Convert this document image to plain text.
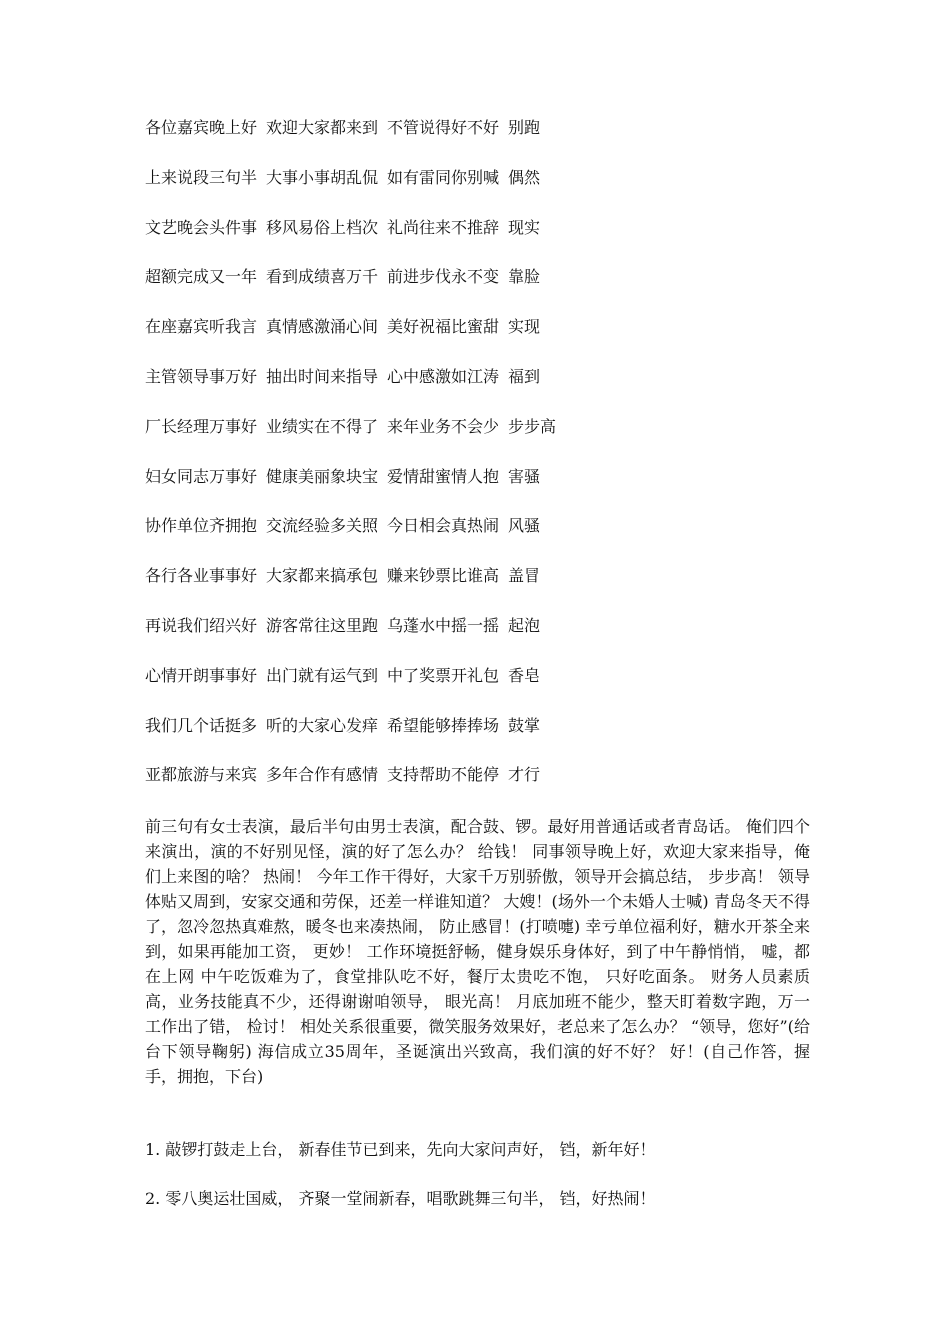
各位嘉宾晚上好 欢迎大家都来到 不管说得好不好 别跑
上来说段三句半 大事小事胡乱侃 如有雷同你别喊 偶然
文艺晚会头件事 移风易俗上档次 礼尚往来不推辞 现实
超额完成又一年 看到成绩喜万千 前进步伐永不变 靠脸
在座嘉宾听我言 真情感激涌心间 美好祝福比蜜甜 实现
主管领导事万好 抽出时间来指导 心中感激如江涛 福到
厂长经理万事好 业绩实在不得了 来年业务不会少 步步高
妇女同志万事好 健康美丽象块宝 爱情甜蜜情人抱 害骚
协作单位齐拥抱 交流经验多关照 今日相会真热闹 风骚
各行各业事事好 大家都来搞承包 赚来钞票比谁高 盖冒
再说我们绍兴好 游客常往这里跑 乌蓬水中摇一摇 起泡
心情开朗事事好 出门就有运气到 中了奖票开礼包 香皂
我们几个话挺多 听的大家心发痒 希望能够捧捧场 鼓掌
亚都旅游与来宾 多年合作有感情 支持帮助不能停 才行
前三句有女士表演，最后半句由男士表演，配合鼓、锣。最好用普通话或者青岛话。 俺们四个来演出，演的不好别见怪，演的好了怎么办？ 给钱！ 同事领导晚上好，欢迎大家来指导，俺们上来图的啥？ 热闹！ 今年工作干得好，大家千万别骄傲，领导开会搞总结， 步步高！ 领导体贴又周到，安家交通和劳保，还差一样谁知道？ 大嫂！(场外一个未婚人士喊) 青岛冬天不得了，忽冷忽热真难熬，暖冬也来凑热闹， 防止感冒！(打喷嚏) 幸亏单位福利好，糖水开茶全来到，如果再能加工资， 更妙！ 工作环境挺舒畅，健身娱乐身体好，到了中午静悄悄， 嘘，都在上网 中午吃饭难为了，食堂排队吃不好，餐厅太贵吃不饱， 只好吃面条。 财务人员素质高，业务技能真不少，还得谢谢咱领导， 眼光高！ 月底加班不能少，整天盯着数字跑，万一工作出了错， 检讨！ 相处关系很重要，微笑服务效果好，老总来了怎么办？ “领导，您好”(给台下领导鞠躬) 海信成立35周年，圣诞演出兴致高，我们演的好不好？ 好！(自己作答，握手，拥抱，下台)
1. 敲锣打鼓走上台， 新春佳节已到来，先向大家问声好， 铛，新年好！
2. 零八奥运壮国威， 齐聚一堂闹新春，唱歌跳舞三句半， 铛，好热闹！
